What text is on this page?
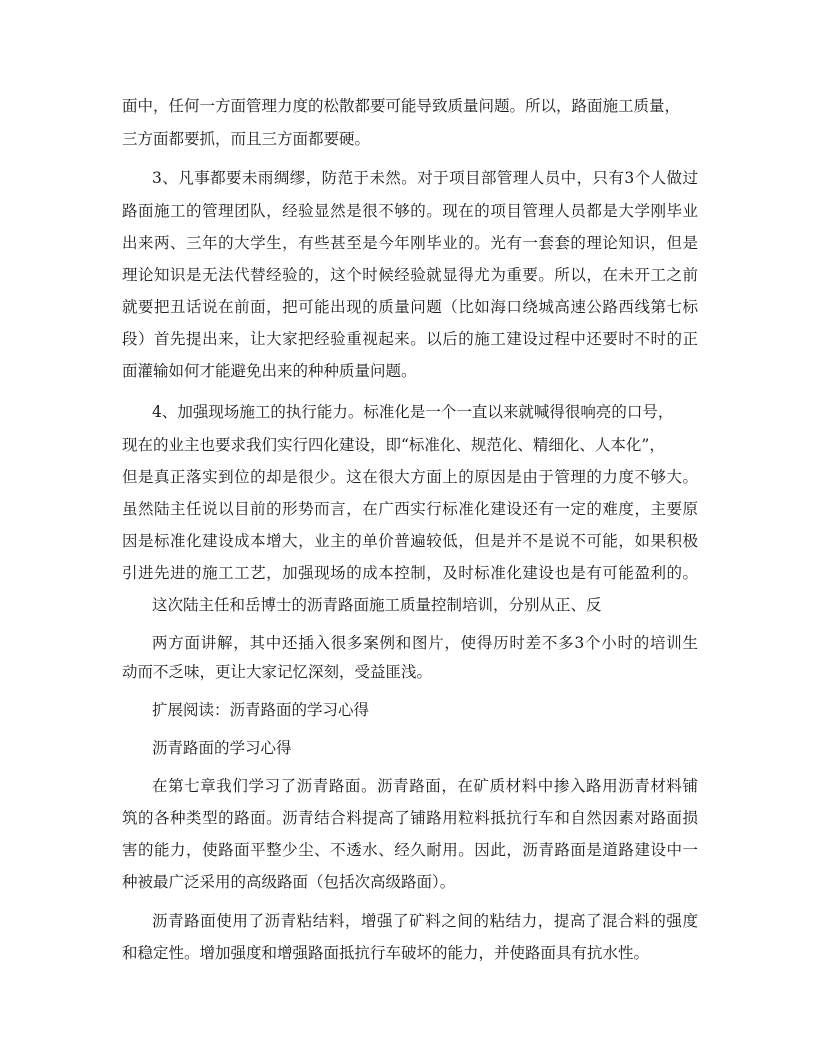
面中，任何一方面管理力度的松散都要可能导致质量问题。所以，路面施工质量，
三方面都要抓，而且三方面都要硬。
3、凡事都要未雨绸缪，防范于未然。对于项目部管理人员中，只有3个人做过
路面施工的管理团队，经验显然是很不够的。现在的项目管理人员都是大学刚毕业
出来两、三年的大学生，有些甚至是今年刚毕业的。光有一套套的理论知识，但是
理论知识是无法代替经验的，这个时候经验就显得尤为重要。所以，在未开工之前
就要把丑话说在前面，把可能出现的质量问题（比如海口绕城高速公路西线第七标
段）首先提出来，让大家把经验重视起来。以后的施工建设过程中还要时不时的正
面灌输如何才能避免出来的种种质量问题。
4、加强现场施工的执行能力。标准化是一个一直以来就喊得很响亮的口号，
现在的业主也要求我们实行四化建设，即“标准化、规范化、精细化、人本化”，
但是真正落实到位的却是很少。这在很大方面上的原因是由于管理的力度不够大。
虽然陆主任说以目前的形势而言，在广西实行标准化建设还有一定的难度，主要原
因是标准化建设成本增大，业主的单价普遍较低，但是并不是说不可能，如果积极
引进先进的施工工艺，加强现场的成本控制，及时标准化建设也是有可能盈利的。
这次陆主任和岳博士的沥青路面施工质量控制培训，分别从正、反
两方面讲解，其中还插入很多案例和图片，使得历时差不多3个小时的培训生
动而不乏味，更让大家记忆深刻，受益匪浅。
扩展阅读：沥青路面的学习心得
沥青路面的学习心得
在第七章我们学习了沥青路面。沥青路面，在矿质材料中掺入路用沥青材料铺
筑的各种类型的路面。沥青结合料提高了铺路用粒料抵抗行车和自然因素对路面损
害的能力，使路面平整少尘、不透水、经久耐用。因此，沥青路面是道路建设中一
种被最广泛采用的高级路面（包括次高级路面）。
沥青路面使用了沥青粘结料，增强了矿料之间的粘结力，提高了混合料的强度
和稳定性。增加强度和增强路面抵抗行车破坏的能力，并使路面具有抗水性。
